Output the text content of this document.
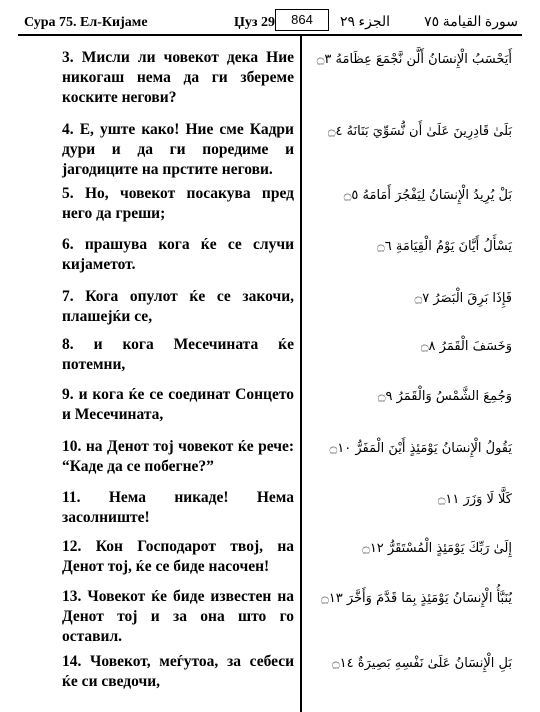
Сура 75. Ел-Кијаме	Џуз 29	864	الجزء ٢٩ سورة القيامة ٧٥
3. Мисли ли човекот дека Ние никогаш нема да ги збереме коските негови?
أَيَحْسَبُ الْإِنسَانُ أَلَّن نَّجْمَعَ عِظَامَهُ ۝٣
4. Е, уште како! Ние сме Кадри дури и да ги поредиме и јагодиците на прстите негови.
بَلَىٰ قَادِرِينَ عَلَىٰ أَن نُّسَوِّيَ بَنَانَهُ ۝٤
5. Но, човекот посакува пред него да греши;
بَلْ يُرِيدُ الْإِنسَانُ لِيَفْجُرَ أَمَامَهُ ۝٥
6. прашува кога ќе се случи кијаметот.
يَسْأَلُ أَيَّانَ يَوْمُ الْقِيَامَةِ ۝٦
7. Кога опулот ќе се закочи, плашејќи се,
فَإِذَا بَرِقَ الْبَصَرُ ۝٧
8. и кога Месечината ќе потемни,
وَخَسَفَ الْقَمَرُ ۝٨
9. и кога ќе се соединат Сонцето и Месечината,
وَجُمِعَ الشَّمْسُ وَالْقَمَرُ ۝٩
10. на Денот тој човекот ќе рече: “Каде да се побегне?”
يَقُولُ الْإِنسَانُ يَوْمَئِذٍ أَيْنَ الْمَفَرُّ ۝١٠
11. Нема никаде! Нема засолниште!
كَلَّا لَا وَزَرَ ۝١١
12. Кон Господарот твој, на Денот тој, ќе се биде насочен!
إِلَىٰ رَبِّكَ يَوْمَئِذٍ الْمُسْتَقَرُّ ۝١٢
13. Човекот ќе биде известен на Денот тој и за она што го оставил.
يُنَبَّأُ الْإِنسَانُ يَوْمَئِذٍ بِمَا قَدَّمَ وَأَخَّرَ ۝١٣
14. Човекот, меѓутоа, за себеси ќе си сведочи,
بَلِ الْإِنسَانُ عَلَىٰ نَفْسِهِ بَصِيرَةٌ ۝١٤
